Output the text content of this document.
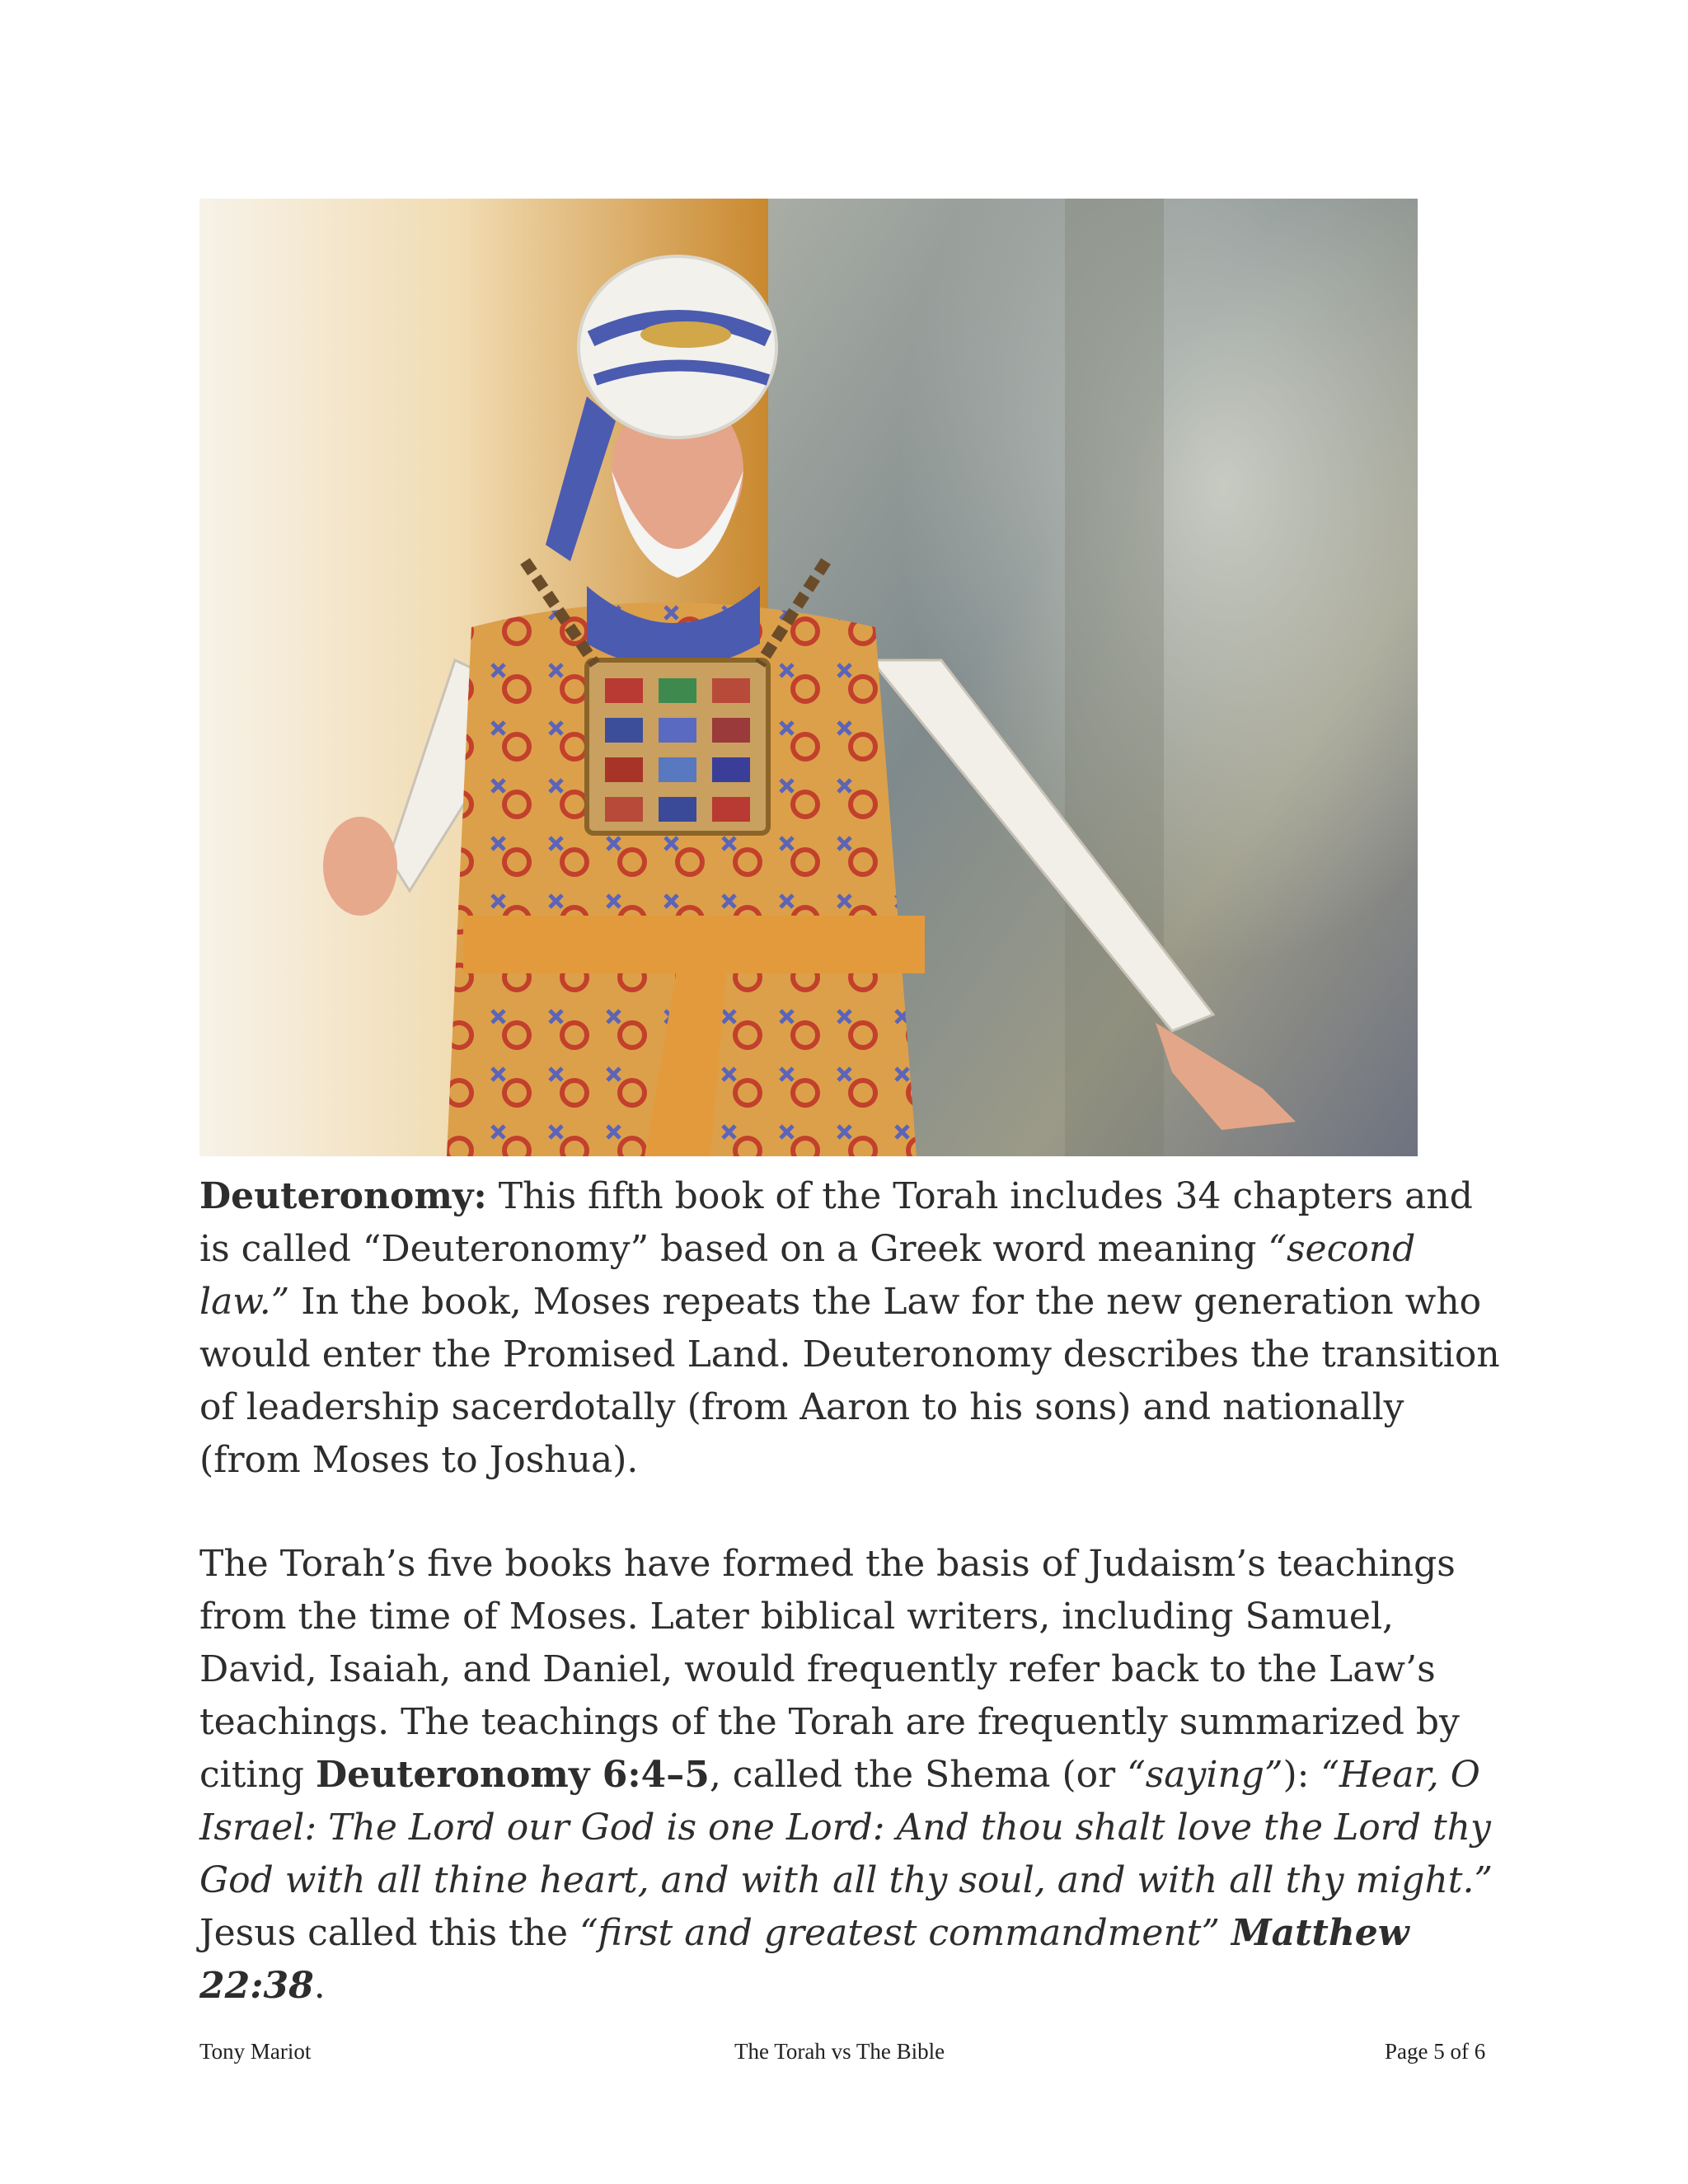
Deuteronomy: This fifth book of the Torah includes 34 chapters and is called “Deuteronomy” based on a Greek word meaning “second law.” In the book, Moses repeats the Law for the new generation who would enter the Promised Land. Deuteronomy describes the transition of leadership sacerdotally (from Aaron to his sons) and nationally (from Moses to Joshua).

The Torah’s five books have formed the basis of Judaism’s teachings from the time of Moses. Later biblical writers, including Samuel, David, Isaiah, and Daniel, would frequently refer back to the Law’s teachings. The teachings of the Torah are frequently summarized by citing Deuteronomy 6:4–5, called the Shema (or “saying”): “Hear, O Israel: The Lord our God is one Lord: And thou shalt love the Lord thy God with all thine heart, and with all thy soul, and with all thy might.” Jesus called this the “first and greatest commandment” Matthew 22:38.

Tony Mariot	The Torah vs The Bible	Page 5 of 6
